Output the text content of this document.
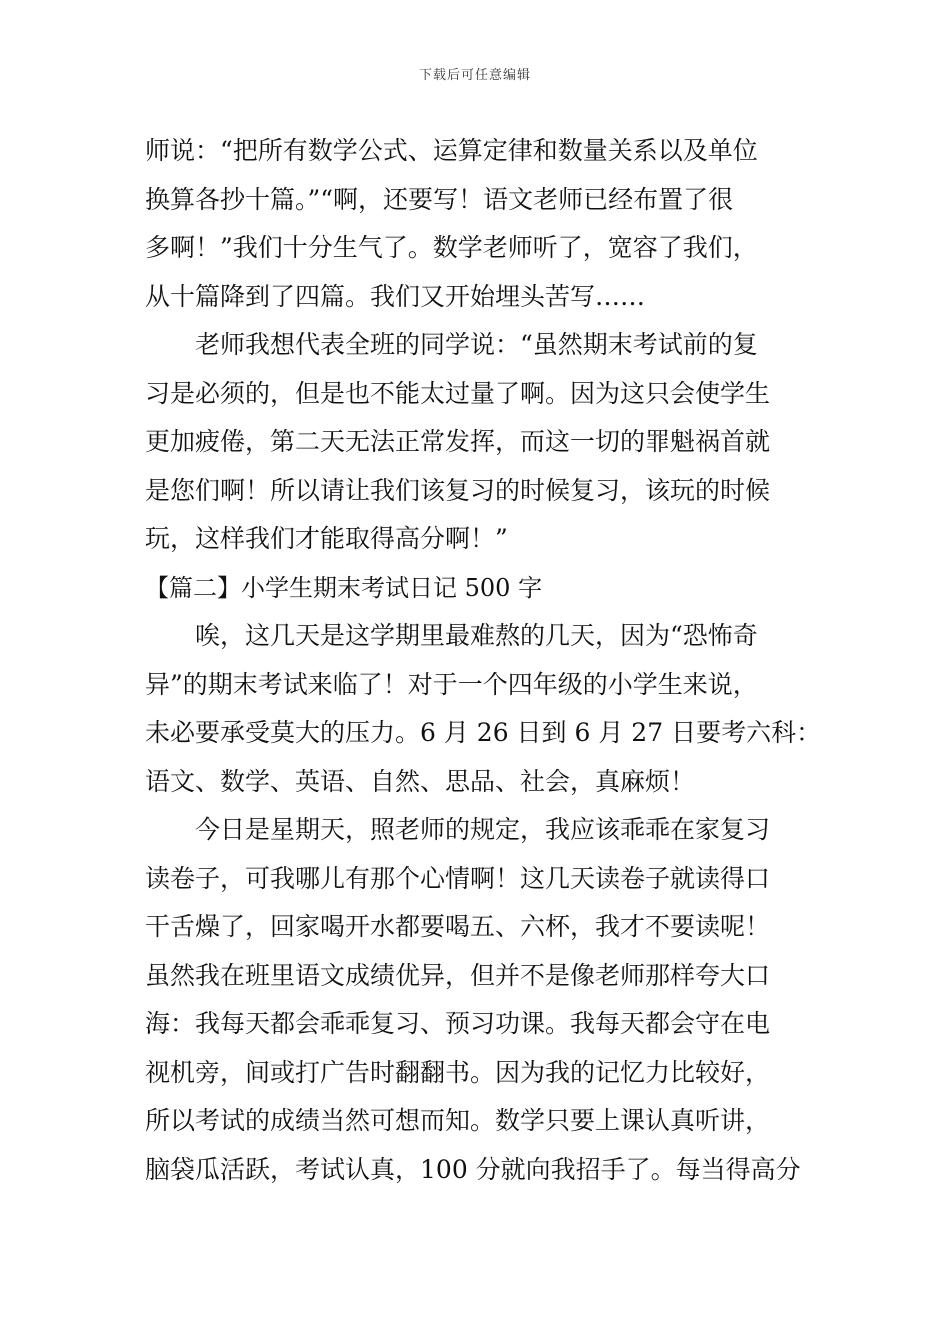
下载后可任意编辑
师说：“把所有数学公式、运算定律和数量关系以及单位
换算各抄十篇。”“啊，还要写！语文老师已经布置了很
多啊！”我们十分生气了。数学老师听了，宽容了我们，
从十篇降到了四篇。我们又开始埋头苦写……
老师我想代表全班的同学说：“虽然期末考试前的复
习是必须的，但是也不能太过量了啊。因为这只会使学生
更加疲倦，第二天无法正常发挥，而这一切的罪魁祸首就
是您们啊！所以请让我们该复习的时候复习，该玩的时候
玩，这样我们才能取得高分啊！”
【篇二】小学生期末考试日记 500 字
唉，这几天是这学期里最难熬的几天，因为“恐怖奇
异”的期末考试来临了！对于一个四年级的小学生来说，
未必要承受莫大的压力。6 月 26 日到 6 月 27 日要考六科：
语文、数学、英语、自然、思品、社会，真麻烦！
今日是星期天，照老师的规定，我应该乖乖在家复习
读卷子，可我哪儿有那个心情啊！这几天读卷子就读得口
干舌燥了，回家喝开水都要喝五、六杯，我才不要读呢！
虽然我在班里语文成绩优异，但并不是像老师那样夸大口
海：我每天都会乖乖复习、预习功课。我每天都会守在电
视机旁，间或打广告时翻翻书。因为我的记忆力比较好，
所以考试的成绩当然可想而知。数学只要上课认真听讲，
脑袋瓜活跃，考试认真，100 分就向我招手了。每当得高分
